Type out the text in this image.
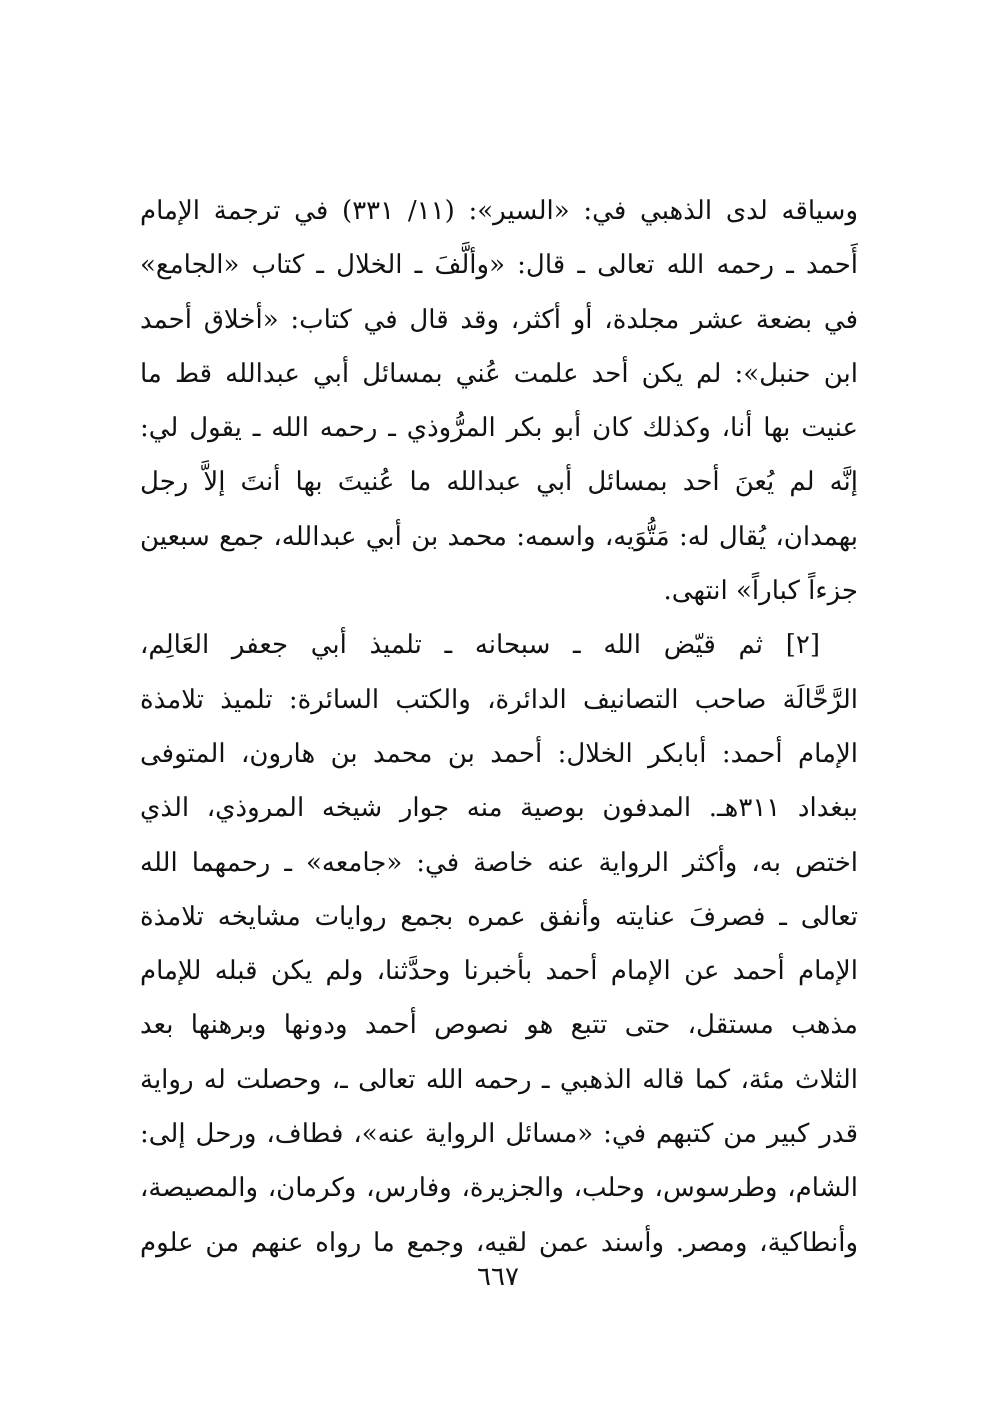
وسياقه لدى الذهبي في: «السير»: (١١/ ٣٣١) في ترجمة الإمام
أَحمد ـ رحمه الله تعالى ـ قال: «وألَّفَ ـ الخلال ـ كتاب «الجامع»
في بضعة عشر مجلدة، أو أكثر، وقد قال في كتاب: «أخلاق أحمد
ابن حنبل»: لم يكن أحد علمت عُني بمسائل أبي عبدالله قط ما
عنيت بها أنا، وكذلك كان أبو بكر المرُّوذي ـ رحمه الله ـ يقول لي:
إنَّه لم يُعنَ أحد بمسائل أبي عبدالله ما عُنيتَ بها أنتَ إلاَّ رجل
بهمدان، يُقال له: مَتُّوَيه، واسمه: محمد بن أبي عبدالله، جمع سبعين
جزءاً كباراً» انتهى.
[٢] ثم قيّض الله ـ سبحانه ـ تلميذ أبي جعفر العَالِم،
الرَّحَّالَة صاحب التصانيف الدائرة، والكتب السائرة: تلميذ تلامذة
الإمام أحمد: أبابكر الخلال: أحمد بن محمد بن هارون، المتوفى
ببغداد ٣١١هـ. المدفون بوصية منه جوار شيخه المروذي، الذي
اختص به، وأكثر الرواية عنه خاصة في: «جامعه» ـ رحمهما الله
تعالى ـ فصرفَ عنايته وأنفق عمره بجمع روايات مشايخه تلامذة
الإمام أحمد عن الإمام أحمد بأخبرنا وحدَّثنا، ولم يكن قبله للإمام
مذهب مستقل، حتى تتبع هو نصوص أحمد ودونها وبرهنها بعد
الثلاث مئة، كما قاله الذهبي ـ رحمه الله تعالى ـ، وحصلت له رواية
قدر كبير من كتبهم في: «مسائل الرواية عنه»، فطاف، ورحل إلى:
الشام، وطرسوس، وحلب، والجزيرة، وفارس، وكرمان، والمصيصة،
وأنطاكية، ومصر. وأسند عمن لقيه، وجمع ما رواه عنهم من علوم
٦٦٧
